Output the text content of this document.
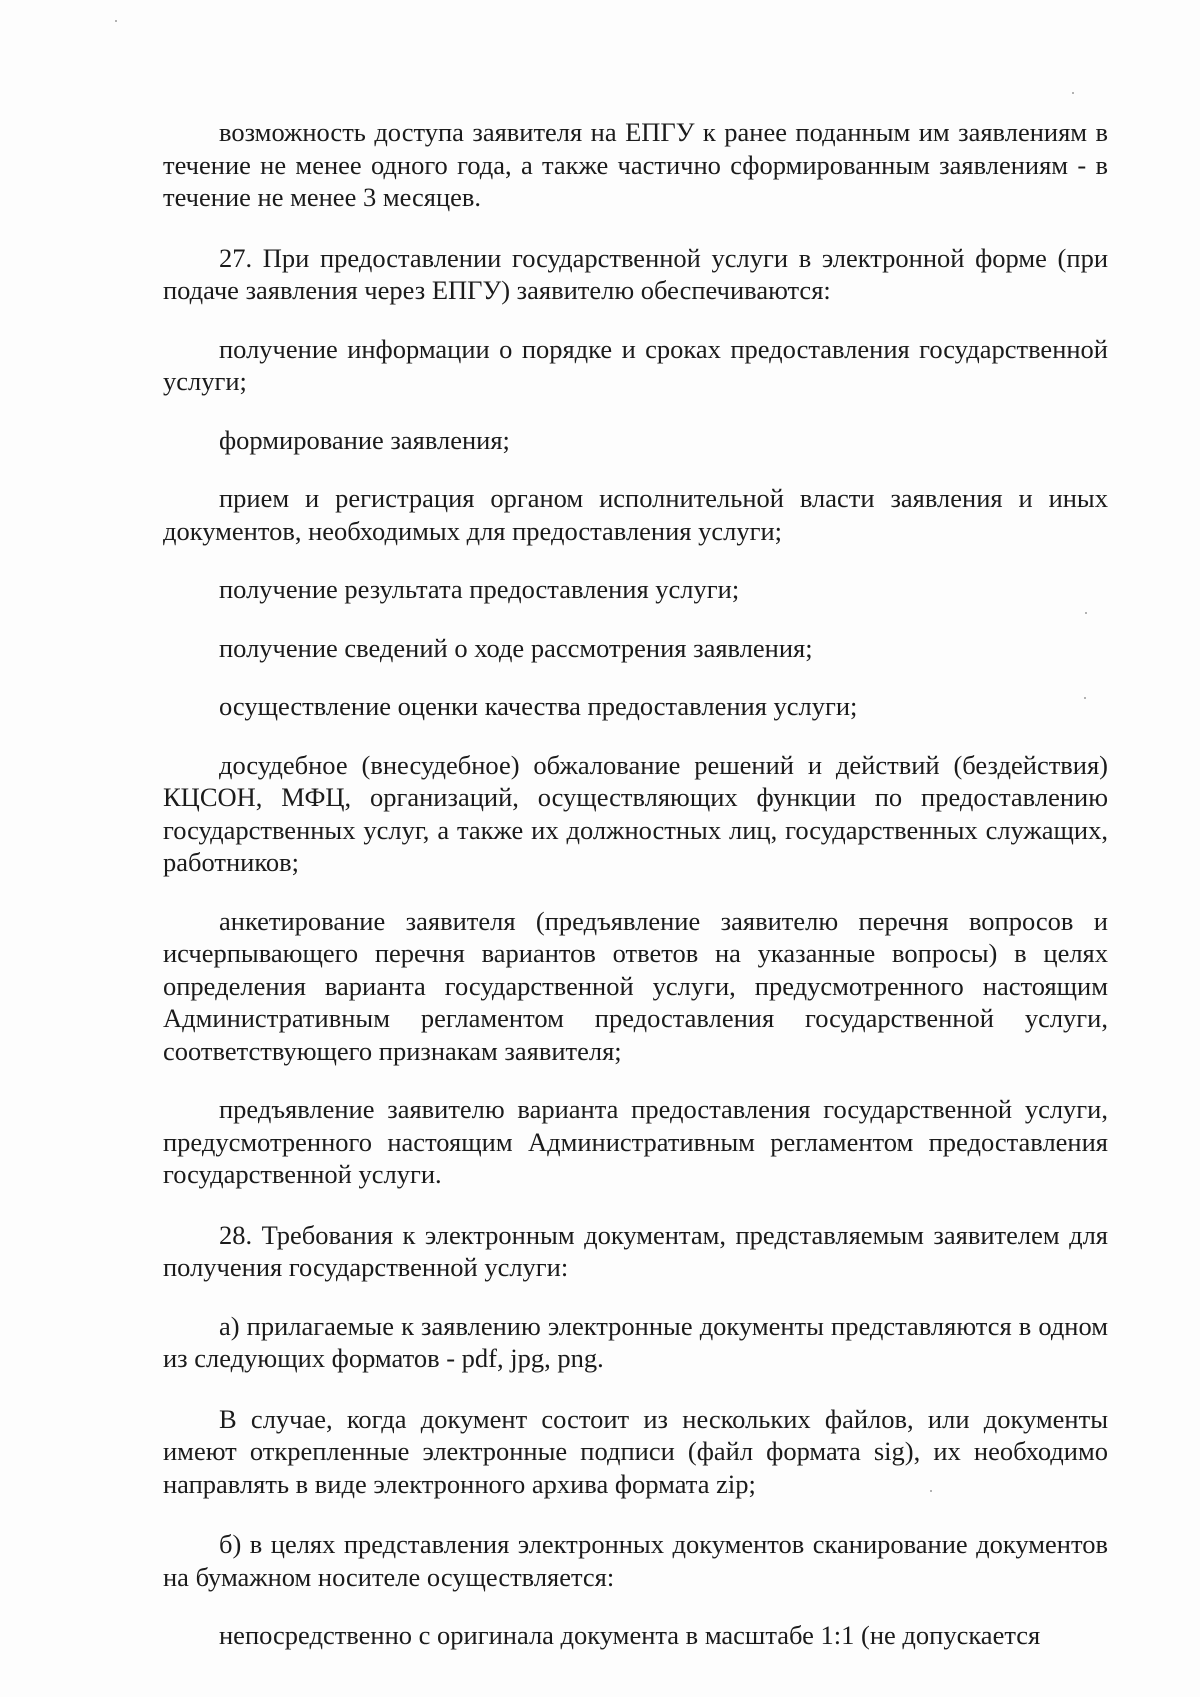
возможность доступа заявителя на ЕПГУ к ранее поданным им заявлениям в течение не менее одного года, а также частично сформированным заявлениям - в течение не менее 3 месяцев.

27. При предоставлении государственной услуги в электронной форме (при подаче заявления через ЕПГУ) заявителю обеспечиваются:

получение информации о порядке и сроках предоставления государственной услуги;

формирование заявления;

прием и регистрация органом исполнительной власти заявления и иных документов, необходимых для предоставления услуги;

получение результата предоставления услуги;

получение сведений о ходе рассмотрения заявления;

осуществление оценки качества предоставления услуги;

досудебное (внесудебное) обжалование решений и действий (бездействия) КЦСОН, МФЦ, организаций, осуществляющих функции по предоставлению государственных услуг, а также их должностных лиц, государственных служащих, работников;

анкетирование заявителя (предъявление заявителю перечня вопросов и исчерпывающего перечня вариантов ответов на указанные вопросы) в целях определения варианта государственной услуги, предусмотренного настоящим Административным регламентом предоставления государственной услуги, соответствующего признакам заявителя;

предъявление заявителю варианта предоставления государственной услуги, предусмотренного настоящим Административным регламентом предоставления государственной услуги.

28. Требования к электронным документам, представляемым заявителем для получения государственной услуги:

а) прилагаемые к заявлению электронные документы представляются в одном из следующих форматов - pdf, jpg, png.

В случае, когда документ состоит из нескольких файлов, или документы имеют открепленные электронные подписи (файл формата sig), их необходимо направлять в виде электронного архива формата zip;

б) в целях представления электронных документов сканирование документов на бумажном носителе осуществляется:

непосредственно с оригинала документа в масштабе 1:1 (не допускается
